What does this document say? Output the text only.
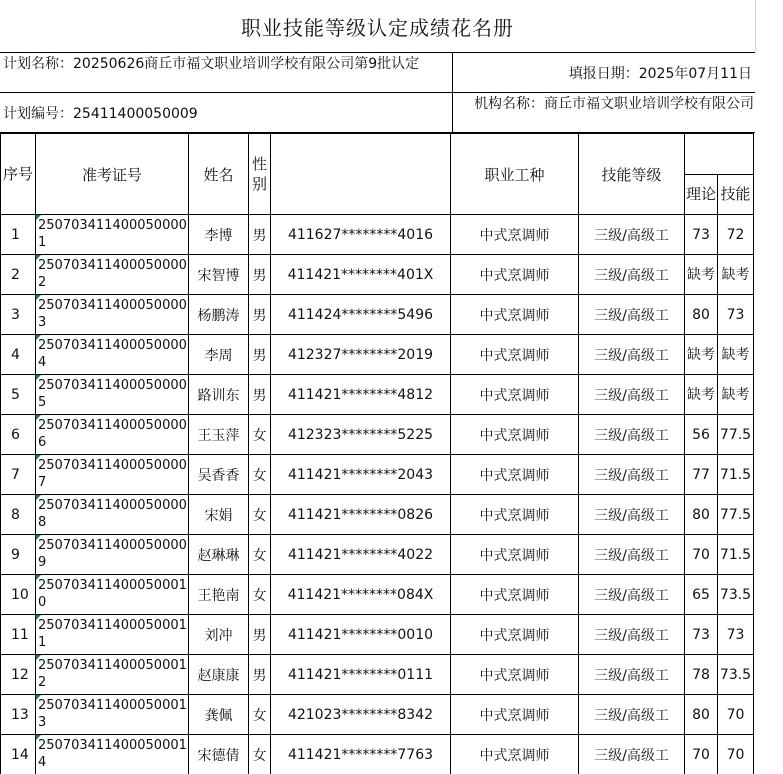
职业技能等级认定成绩花名册
计划名称：20250626商丘市福文职业培训学校有限公司第9批认定
填报日期：2025年07月11日
计划编号：25411400050009
机构名称：商丘市福文职业培训学校有限公司
序号	准考证号	姓名	性别		职业工种	技能等级		
							理论	技能
1	2507034114000500001	李博	男	411627********4016	中式烹调师	三级/高级工	73	72
2	2507034114000500002	宋智博	男	411421********401X	中式烹调师	三级/高级工	缺考	缺考
3	2507034114000500003	杨鹏涛	男	411424********5496	中式烹调师	三级/高级工	80	73
4	2507034114000500004	李周	男	412327********2019	中式烹调师	三级/高级工	缺考	缺考
5	2507034114000500005	路训东	男	411421********4812	中式烹调师	三级/高级工	缺考	缺考
6	2507034114000500006	王玉萍	女	412323********5225	中式烹调师	三级/高级工	56	77.5
7	2507034114000500007	吴香香	女	411421********2043	中式烹调师	三级/高级工	77	71.5
8	2507034114000500008	宋娟	女	411421********0826	中式烹调师	三级/高级工	80	77.5
9	2507034114000500009	赵琳琳	女	411421********4022	中式烹调师	三级/高级工	70	71.5
10	2507034114000500010	王艳南	女	411421********084X	中式烹调师	三级/高级工	65	73.5
11	2507034114000500011	刘冲	男	411421********0010	中式烹调师	三级/高级工	73	73
12	2507034114000500012	赵康康	男	411421********0111	中式烹调师	三级/高级工	78	73.5
13	2507034114000500013	龚佩	女	421023********8342	中式烹调师	三级/高级工	80	70
14	2507034114000500014	宋德倩	女	411421********7763	中式烹调师	三级/高级工	70	70
